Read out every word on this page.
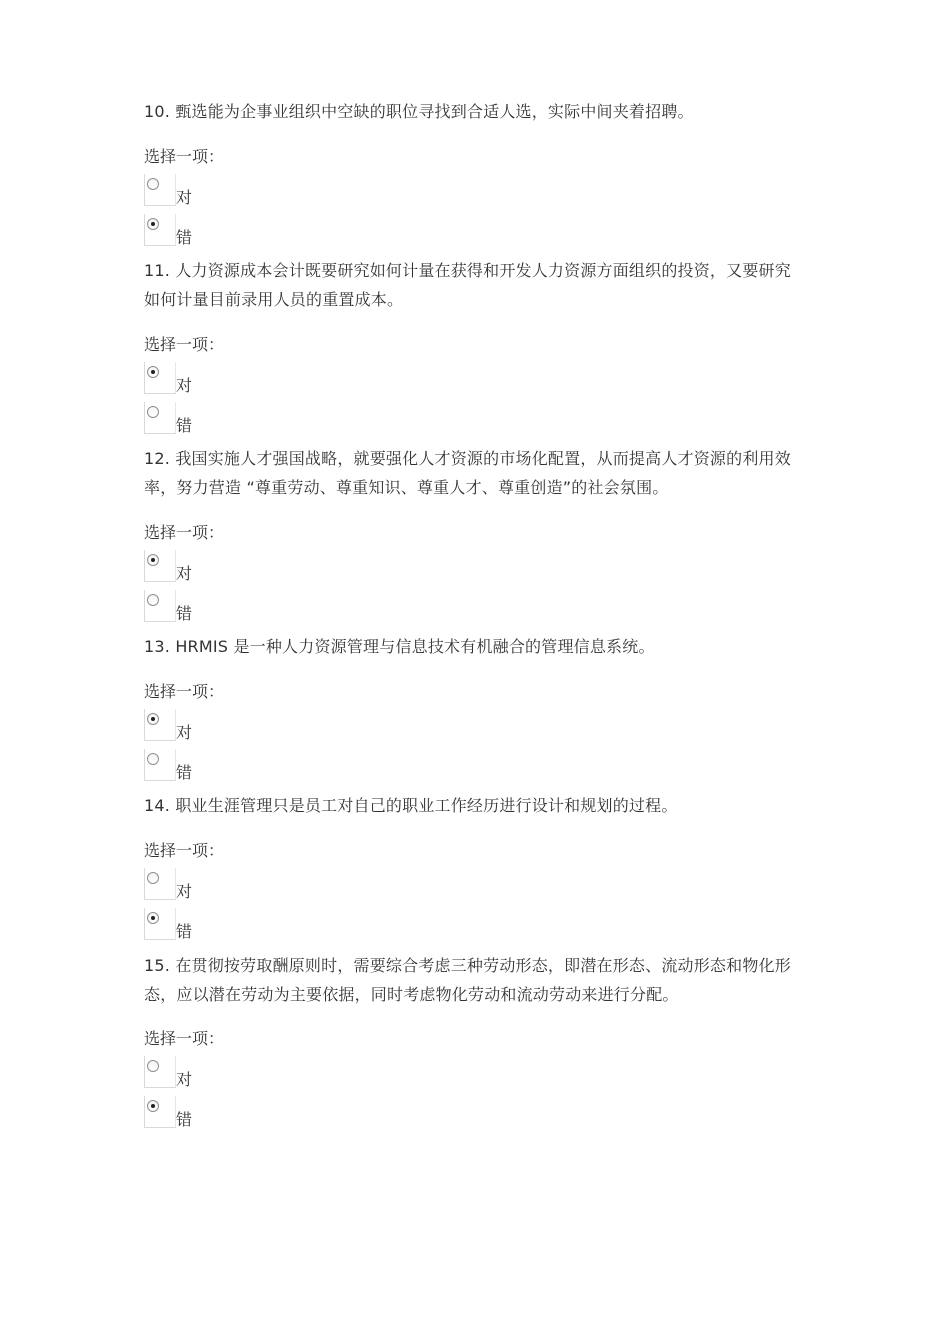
10. 甄选能为企事业组织中空缺的职位寻找到合适人选，实际中间夹着招聘。

选择一项：
对
错

11. 人力资源成本会计既要研究如何计量在获得和开发人力资源方面组织的投资，又要研究如何计量目前录用人员的重置成本。

选择一项：
对
错

12. 我国实施人才强国战略，就要强化人才资源的市场化配置，从而提高人才资源的利用效率，努力营造 “尊重劳动、尊重知识、尊重人才、尊重创造”的社会氛围。

选择一项：
对
错

13. HRMIS 是一种人力资源管理与信息技术有机融合的管理信息系统。

选择一项：
对
错

14. 职业生涯管理只是员工对自己的职业工作经历进行设计和规划的过程。

选择一项：
对
错

15. 在贯彻按劳取酬原则时，需要综合考虑三种劳动形态，即潜在形态、流动形态和物化形态，应以潜在劳动为主要依据，同时考虑物化劳动和流动劳动来进行分配。

选择一项：
对
错
